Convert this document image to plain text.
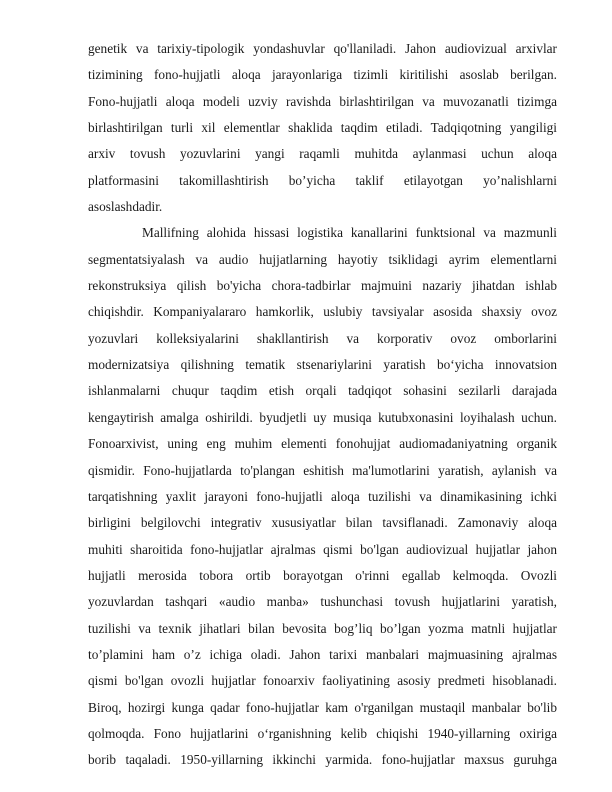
genetik va tarixiy-tipologik yondashuvlar qo'llaniladi. Jahon audiovizual arxivlar
tizimining fono-hujjatli aloqa jarayonlariga tizimli kiritilishi asoslab berilgan.
Fono-hujjatli aloqa modeli uzviy ravishda birlashtirilgan va muvozanatli tizimga
birlashtirilgan turli xil elementlar shaklida taqdim etiladi. Tadqiqotning yangiligi
arxiv tovush yozuvlarini yangi raqamli muhitda aylanmasi uchun aloqa
platformasini takomillashtirish bo’yicha taklif etilayotgan yo’nalishlarni
asoslashdadir.
Mallifning alohida hissasi logistika kanallarini funktsional va mazmunli
segmentatsiyalash va audio hujjatlarning hayotiy tsiklidagi ayrim elementlarni
rekonstruksiya qilish bo'yicha chora-tadbirlar majmuini nazariy jihatdan ishlab
chiqishdir. Kompaniyalararo hamkorlik, uslubiy tavsiyalar asosida shaxsiy ovoz
yozuvlari kolleksiyalarini shakllantirish va korporativ ovoz omborlarini
modernizatsiya qilishning tematik stsenariylarini yaratish bo‘yicha innovatsion
ishlanmalarni chuqur taqdim etish orqali tadqiqot sohasini sezilarli darajada
kengaytirish amalga oshirildi. byudjetli uy musiqa kutubxonasini loyihalash uchun.
Fonoarxivist, uning eng muhim elementi fonohujjat audiomadaniyatning organik
qismidir. Fono-hujjatlarda to'plangan eshitish ma'lumotlarini yaratish, aylanish va
tarqatishning yaxlit jarayoni fono-hujjatli aloqa tuzilishi va dinamikasining ichki
birligini belgilovchi integrativ xususiyatlar bilan tavsiflanadi. Zamonaviy aloqa
muhiti sharoitida fono-hujjatlar ajralmas qismi bo'lgan audiovizual hujjatlar jahon
hujjatli merosida tobora ortib borayotgan o'rinni egallab kelmoqda. Ovozli
yozuvlardan tashqari «audio manba» tushunchasi tovush hujjatlarini yaratish,
tuzilishi va texnik jihatlari bilan bevosita bog’liq bo’lgan yozma matnli hujjatlar
to’plamini ham o’z ichiga oladi. Jahon tarixi manbalari majmuasining ajralmas
qismi bo'lgan ovozli hujjatlar fonoarxiv faoliyatining asosiy predmeti hisoblanadi.
Biroq, hozirgi kunga qadar fono-hujjatlar kam o'rganilgan mustaqil manbalar bo'lib
qolmoqda. Fono hujjatlarini o‘rganishning kelib chiqishi 1940-yillarning oxiriga
borib taqaladi. 1950-yillarning ikkinchi yarmida. fono-hujjatlar maxsus guruhga
